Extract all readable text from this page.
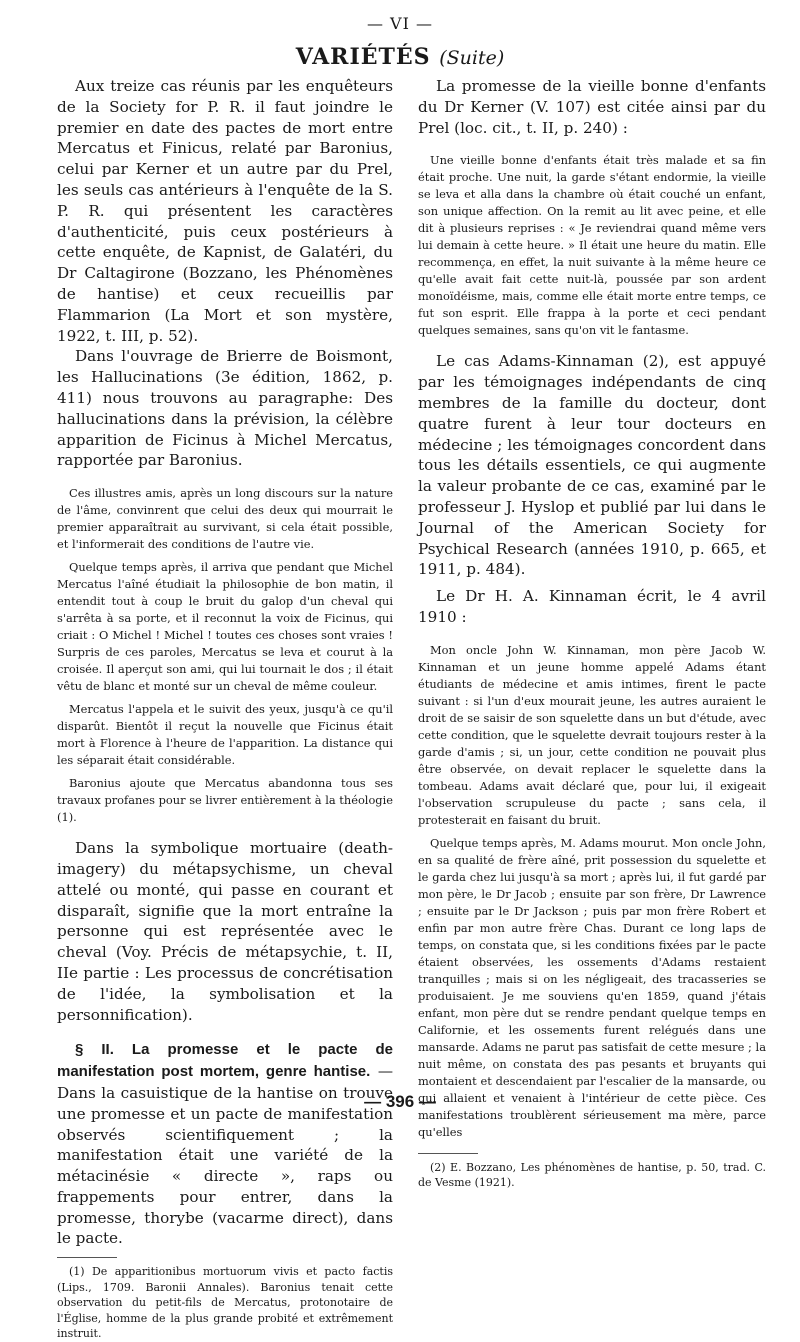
— VI —
VARIÉTÉS (Suite)

Aux treize cas réunis par les enquêteurs de la Society for P. R. il faut joindre le premier en date des pactes de mort entre Mercatus et Finicus, relaté par Baronius, celui par Kerner et un autre par du Prel, les seuls cas antérieurs à l'enquête de la S. P. R. qui présentent les caractères d'authenticité, puis ceux postérieurs à cette enquête, de Kapnist, de Galatéri, du Dr Caltagirone (Bozzano, les Phénomènes de hantise) et ceux recueillis par Flammarion (La Mort et son mystère, 1922, t. III, p. 52).

Dans l'ouvrage de Brierre de Boismont, les Hallucinations (3e édition, 1862, p. 411) nous trouvons au paragraphe: Des hallucinations dans la prévision, la célèbre apparition de Ficinus à Michel Mercatus, rapportée par Baronius.

Ces illustres amis, après un long discours sur la nature de l'âme, convinrent que celui des deux qui mourrait le premier apparaîtrait au survivant, si cela était possible, et l'informerait des conditions de l'autre vie.

Quelque temps après, il arriva que pendant que Michel Mercatus l'aîné étudiait la philosophie de bon matin, il entendit tout à coup le bruit du galop d'un cheval qui s'arrêta à sa porte, et il reconnut la voix de Ficinus, qui criait : O Michel ! Michel ! toutes ces choses sont vraies ! Surpris de ces paroles, Mercatus se leva et courut à la croisée. Il aperçut son ami, qui lui tournait le dos ; il était vêtu de blanc et monté sur un cheval de même couleur.

Mercatus l'appela et le suivit des yeux, jusqu'à ce qu'il disparût. Bientôt il reçut la nouvelle que Ficinus était mort à Florence à l'heure de l'apparition. La distance qui les séparait était considérable.

Baronius ajoute que Mercatus abandonna tous ses travaux profanes pour se livrer entièrement à la théologie (1).

Dans la symbolique mortuaire (death-imagery) du métapsychisme, un cheval attelé ou monté, qui passe en courant et disparaît, signifie que la mort entraîne la personne qui est représentée avec le cheval (Voy. Précis de métapsychie, t. II, IIe partie : Les processus de concrétisation de l'idée, la symbolisation et la personnification).

§ II. La promesse et le pacte de manifestation post mortem, genre hantise. — Dans la casuistique de la hantise on trouve une promesse et un pacte de manifestation observés scientifiquement ; la manifestation était une variété de la métacinésie « directe », raps ou frappements pour entrer, dans la promesse, thorybe (vacarme direct), dans le pacte.

(1) De apparitionibus mortuorum vivis et pacto factis (Lips., 1709. Baronii Annales). Baronius tenait cette observation du petit-fils de Mercatus, protonotaire de l'Église, homme de la plus grande probité et extrêmement instruit.

La promesse de la vieille bonne d'enfants du Dr Kerner (V. 107) est citée ainsi par du Prel (loc. cit., t. II, p. 240) :

Une vieille bonne d'enfants était très malade et sa fin était proche. Une nuit, la garde s'étant endormie, la vieille se leva et alla dans la chambre où était couché un enfant, son unique affection. On la remit au lit avec peine, et elle dit à plusieurs reprises : « Je reviendrai quand même vers lui demain à cette heure. » Il était une heure du matin. Elle recommença, en effet, la nuit suivante à la même heure ce qu'elle avait fait cette nuit-là, poussée par son ardent monoïdéisme, mais, comme elle était morte entre temps, ce fut son esprit. Elle frappa à la porte et ceci pendant quelques semaines, sans qu'on vit le fantasme.

Le cas Adams-Kinnaman (2), est appuyé par les témoignages indépendants de cinq membres de la famille du docteur, dont quatre furent à leur tour docteurs en médecine ; les témoignages concordent dans tous les détails essentiels, ce qui augmente la valeur probante de ce cas, examiné par le professeur J. Hyslop et publié par lui dans le Journal of the American Society for Psychical Research (années 1910, p. 665, et 1911, p. 484).

Le Dr H. A. Kinnaman écrit, le 4 avril 1910 :

Mon oncle John W. Kinnaman, mon père Jacob W. Kinnaman et un jeune homme appelé Adams étant étudiants de médecine et amis intimes, firent le pacte suivant : si l'un d'eux mourait jeune, les autres auraient le droit de se saisir de son squelette dans un but d'étude, avec cette condition, que le squelette devrait toujours rester à la garde d'amis ; si, un jour, cette condition ne pouvait plus être observée, on devait replacer le squelette dans la tombeau. Adams avait déclaré que, pour lui, il exigeait l'observation scrupuleuse du pacte ; sans cela, il protesterait en faisant du bruit.

Quelque temps après, M. Adams mourut. Mon oncle John, en sa qualité de frère aîné, prit possession du squelette et le garda chez lui jusqu'à sa mort ; après lui, il fut gardé par mon père, le Dr Jacob ; ensuite par son frère, Dr Lawrence ; ensuite par le Dr Jackson ; puis par mon frère Robert et enfin par mon autre frère Chas. Durant ce long laps de temps, on constata que, si les conditions fixées par le pacte étaient observées, les ossements d'Adams restaient tranquilles ; mais si on les négligeait, des tracasseries se produisaient. Je me souviens qu'en 1859, quand j'étais enfant, mon père dut se rendre pendant quelque temps en Californie, et les ossements furent relégués dans une mansarde. Adams ne parut pas satisfait de cette mesure ; la nuit même, on constata des pas pesants et bruyants qui montaient et descendaient par l'escalier de la mansarde, ou qui allaient et venaient à l'intérieur de cette pièce. Ces manifestations troublèrent sérieusement ma mère, parce qu'elles

(2) E. Bozzano, Les phénomènes de hantise, p. 50, trad. C. de Vesme (1921).

— 396 —
